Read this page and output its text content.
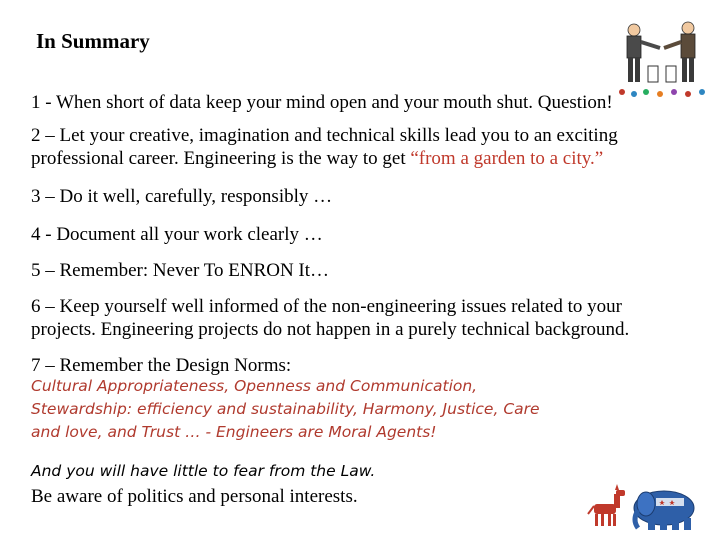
In Summary
1 - When short of data keep your mind open and your mouth shut. Question!
2 – Let your creative, imagination and technical skills lead you to an exciting
professional career. Engineering is the way to get “from a garden to a city.”
3 – Do it well, carefully, responsibly …
4 - Document all your work clearly …
5 – Remember: Never To ENRON It…
6 – Keep yourself well informed of the non-engineering issues related to your
projects. Engineering projects do not happen in a purely technical background.
7 – Remember the Design Norms:
Cultural Appropriateness, Openness and Communication,
Stewardship: efficiency and sustainability, Harmony, Justice, Care
and love, and Trust … - Engineers are Moral Agents!
And you will have little to fear from the Law.
Be aware of politics and personal interests.
